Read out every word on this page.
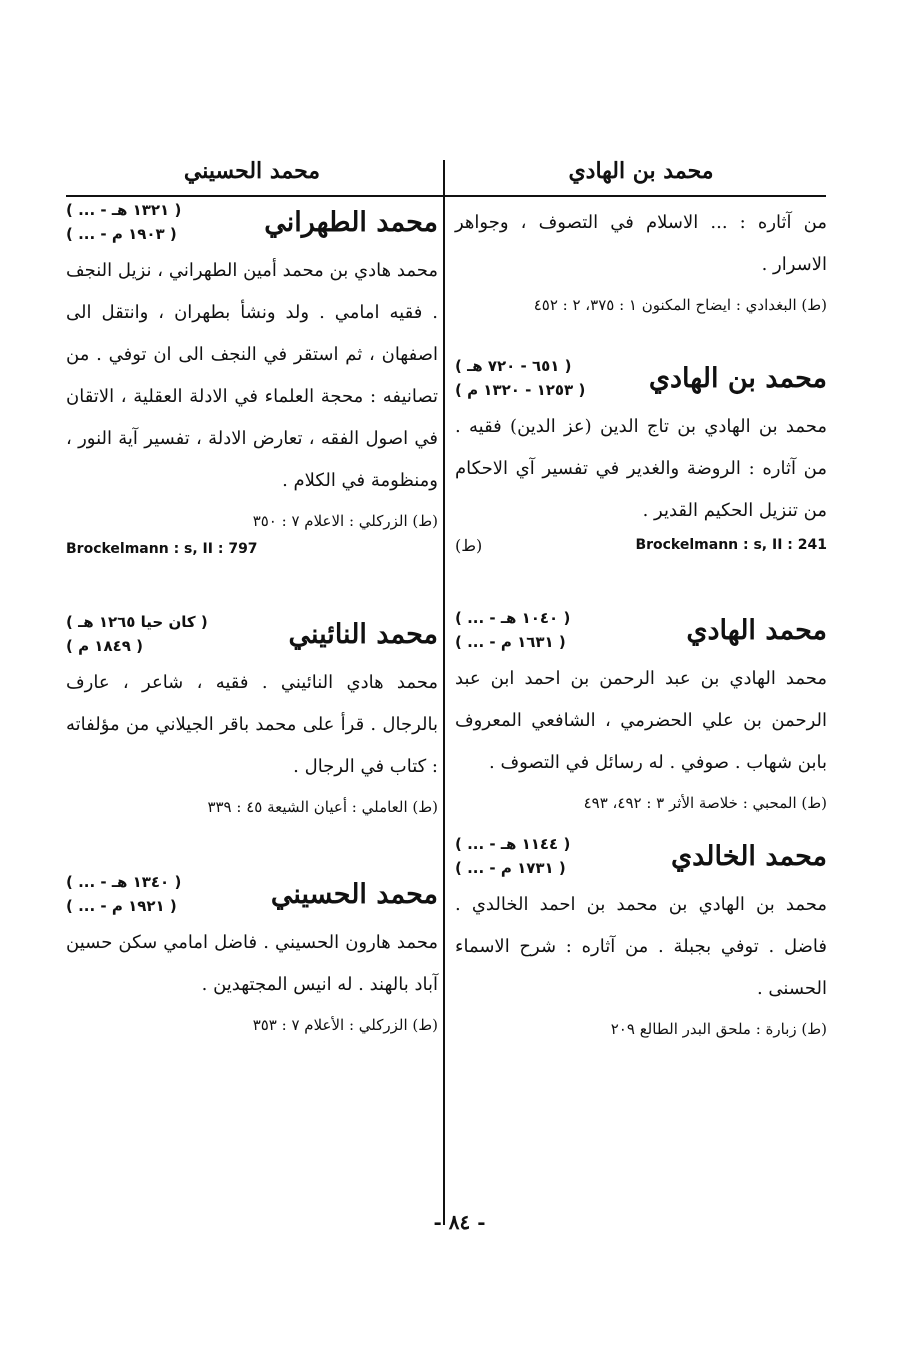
محمد بن الهادي
من آثاره : ... الاسلام في التصوف ، وجواهر الاسرار .
(ط) البغدادي : ايضاح المكنون ١ : ٣٧٥، ٢ : ٤٥٢
محمد بن الهادي
( ٦٥١ - ٧٢٠ هـ )
( ١٢٥٣ - ١٣٢٠ م )
محمد بن الهادي بن تاج الدين (عز الدين) فقيه . من آثاره : الروضة والغدير في تفسير آي الاحكام من تنزيل الحكيم القدير .
Brockelmann : s, II : 241
(ط)
محمد الهادي
( ... - ١٠٤٠ هـ )
( ... - ١٦٣١ م )
محمد الهادي بن عبد الرحمن بن احمد ابن عبد الرحمن بن علي الحضرمي ، الشافعي المعروف بابن شهاب . صوفي . له رسائل في التصوف .
(ط) المحبي : خلاصة الأثر ٣ : ٤٩٢، ٤٩٣
محمد الخالدي
( ... - ١١٤٤ هـ )
( ... - ١٧٣١ م )
محمد بن الهادي بن محمد بن احمد الخالدي . فاضل . توفي بجبلة . من آثاره : شرح الاسماء الحسنى .
(ط) زبارة : ملحق البدر الطالع ٢٠٩
محمد الحسيني
محمد الطهراني
( ... - ١٣٢١ هـ )
( ... - ١٩٠٣ م )
محمد هادي بن محمد أمين الطهراني ، نزيل النجف . فقيه امامي . ولد ونشأ بطهران ، وانتقل الى اصفهان ، ثم استقر في النجف الى ان توفي . من تصانيفه : محجة العلماء في الادلة العقلية ، الاتقان في اصول الفقه ، تعارض الادلة ، تفسير آية النور ، ومنظومة في الكلام .
(ط) الزركلي : الاعلام ٧ : ٣٥٠
Brockelmann : s, II : 797
محمد النائيني
( كان حيا ١٢٦٥ هـ )
( ١٨٤٩ م )
محمد هادي النائيني . فقيه ، شاعر ، عارف بالرجال . قرأ على محمد باقر الجيلاني من مؤلفاته : كتاب في الرجال .
(ط) العاملي : أعيان الشيعة ٤٥ : ٣٣٩
محمد الحسيني
( ... - ١٣٤٠ هـ )
( ... - ١٩٢١ م )
محمد هارون الحسيني . فاضل امامي سكن حسين آباد بالهند . له انيس المجتهدين .
(ط) الزركلي : الأعلام ٧ : ٣٥٣
- ٨٤ -
